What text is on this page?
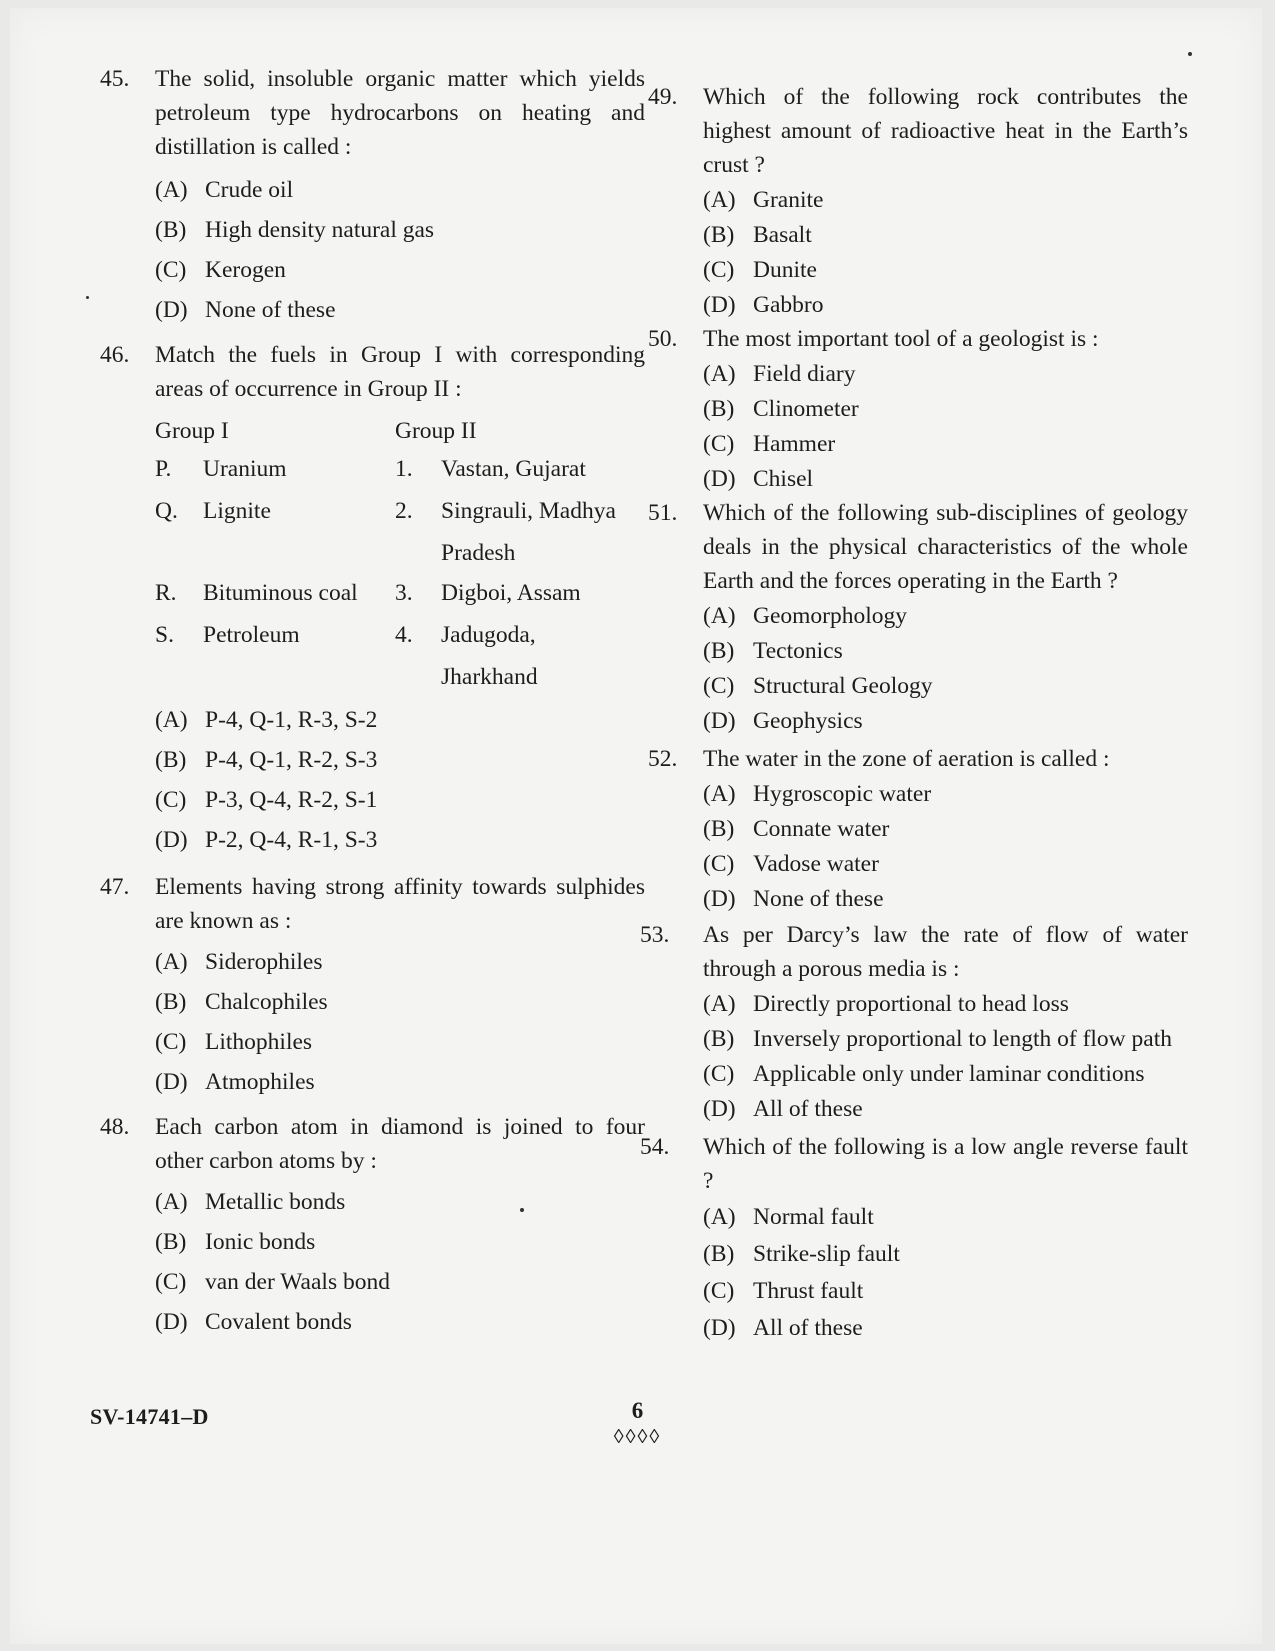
45.	The solid, insoluble organic matter which yields petroleum type hydrocarbons on heating and distillation is called :
(A) Crude oil
(B) High density natural gas
(C) Kerogen
(D) None of these
46.	Match the fuels in Group I with corresponding areas of occurrence in Group II :
Group I	Group II
P.	Uranium	1.	Vastan, Gujarat
Q.	Lignite	2.	Singrauli, Madhya Pradesh
R.	Bituminous coal	3.	Digboi, Assam
S.	Petroleum	4.	Jadugoda, Jharkhand
(A) P-4, Q-1, R-3, S-2
(B) P-4, Q-1, R-2, S-3
(C) P-3, Q-4, R-2, S-1
(D) P-2, Q-4, R-1, S-3
47.	Elements having strong affinity towards sulphides are known as :
(A) Siderophiles
(B) Chalcophiles
(C) Lithophiles
(D) Atmophiles
48.	Each carbon atom in diamond is joined to four other carbon atoms by :
(A) Metallic bonds
(B) Ionic bonds
(C) van der Waals bond
(D) Covalent bonds
49.	Which of the following rock contributes the highest amount of radioactive heat in the Earth’s crust ?
(A) Granite
(B) Basalt
(C) Dunite
(D) Gabbro
50.	The most important tool of a geologist is :
(A) Field diary
(B) Clinometer
(C) Hammer
(D) Chisel
51.	Which of the following sub-disciplines of geology deals in the physical characteristics of the whole Earth and the forces operating in the Earth ?
(A) Geomorphology
(B) Tectonics
(C) Structural Geology
(D) Geophysics
52.	The water in the zone of aeration is called :
(A) Hygroscopic water
(B) Connate water
(C) Vadose water
(D) None of these
53.	As per Darcy’s law the rate of flow of water through a porous media is :
(A) Directly proportional to head loss
(B) Inversely proportional to length of flow path
(C) Applicable only under laminar conditions
(D) All of these
54.	Which of the following is a low angle reverse fault ?
(A) Normal fault
(B) Strike-slip fault
(C) Thrust fault
(D) All of these
SV-14741–D	6
◊◊◊◊
